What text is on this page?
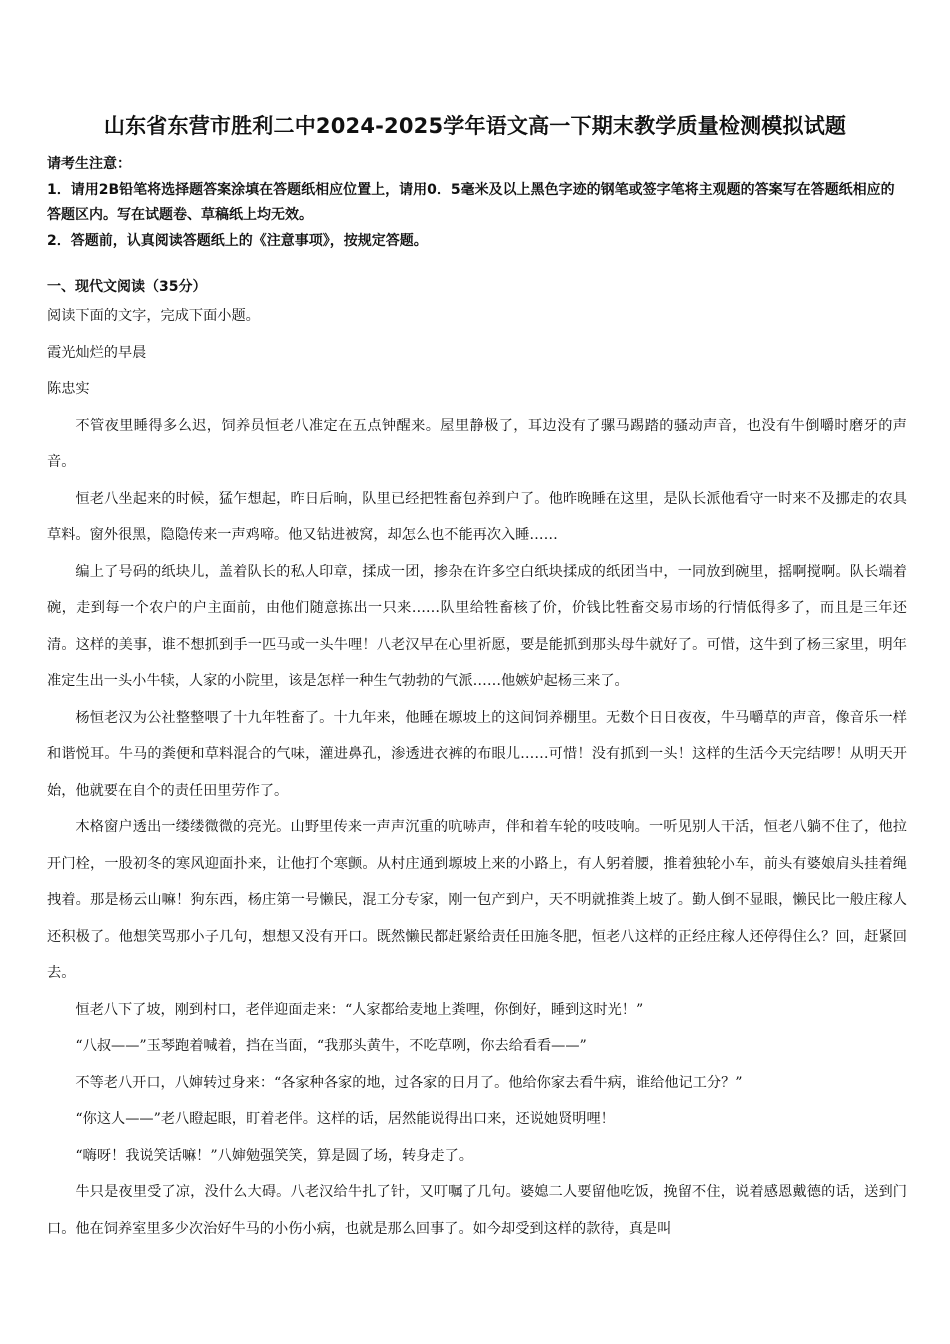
山东省东营市胜利二中2024-2025学年语文高一下期末教学质量检测模拟试题

请考生注意：

1．请用2B铅笔将选择题答案涂填在答题纸相应位置上，请用0．5毫米及以上黑色字迹的钢笔或签字笔将主观题的答案写在答题纸相应的答题区内。写在试题卷、草稿纸上均无效。

2．答题前，认真阅读答题纸上的《注意事项》，按规定答题。

一、现代文阅读（35分）

阅读下面的文字，完成下面小题。

霞光灿烂的早晨

陈忠实

不管夜里睡得多么迟，饲养员恒老八准定在五点钟醒来。屋里静极了，耳边没有了骡马踢踏的骚动声音，也没有牛倒嚼时磨牙的声音。

恒老八坐起来的时候，猛乍想起，昨日后晌，队里已经把牲畜包养到户了。他昨晚睡在这里，是队长派他看守一时来不及挪走的农具草料。窗外很黑，隐隐传来一声鸡啼。他又钻进被窝，却怎么也不能再次入睡……

编上了号码的纸块儿，盖着队长的私人印章，揉成一团，掺杂在许多空白纸块揉成的纸团当中，一同放到碗里，摇啊搅啊。队长端着碗，走到每一个农户的户主面前，由他们随意拣出一只来……队里给牲畜核了价，价钱比牲畜交易市场的行情低得多了，而且是三年还清。这样的美事，谁不想抓到手一匹马或一头牛哩！八老汉早在心里祈愿，要是能抓到那头母牛就好了。可惜，这牛到了杨三家里，明年准定生出一头小牛犊，人家的小院里，该是怎样一种生气勃勃的气派……他嫉妒起杨三来了。

杨恒老汉为公社整整喂了十九年牲畜了。十九年来，他睡在塬坡上的这间饲养棚里。无数个日日夜夜，牛马嚼草的声音，像音乐一样和谐悦耳。牛马的粪便和草料混合的气味，灌进鼻孔，渗透进衣裤的布眼儿……可惜！没有抓到一头！这样的生活今天完结啰！从明天开始，他就要在自个的责任田里劳作了。

木格窗户透出一缕缕微微的亮光。山野里传来一声声沉重的吭哧声，伴和着车轮的吱吱响。一听见别人干活，恒老八躺不住了，他拉开门栓，一股初冬的寒风迎面扑来，让他打个寒颤。从村庄通到塬坡上来的小路上，有人躬着腰，推着独轮小车，前头有婆娘肩头挂着绳拽着。那是杨云山嘛！狗东西，杨庄第一号懒民，混工分专家，刚一包产到户，天不明就推粪上坡了。勤人倒不显眼，懒民比一般庄稼人还积极了。他想笑骂那小子几句，想想又没有开口。既然懒民都赶紧给责任田施冬肥，恒老八这样的正经庄稼人还停得住么？回，赶紧回去。

恒老八下了坡，刚到村口，老伴迎面走来：“人家都给麦地上粪哩，你倒好，睡到这时光！”

“八叔——”玉琴跑着喊着，挡在当面，“我那头黄牛，不吃草咧，你去给看看——”

不等老八开口，八婶转过身来：“各家种各家的地，过各家的日月了。他给你家去看牛病，谁给他记工分？”

“你这人——”老八瞪起眼，盯着老伴。这样的话，居然能说得出口来，还说她贤明哩！

“嗨呀！我说笑话嘛！”八婶勉强笑笑，算是圆了场，转身走了。

牛只是夜里受了凉，没什么大碍。八老汉给牛扎了针，又叮嘱了几句。婆媳二人要留他吃饭，挽留不住，说着感恩戴德的话，送到门口。他在饲养室里多少次治好牛马的小伤小病，也就是那么回事了。如今却受到这样的款待，真是叫
